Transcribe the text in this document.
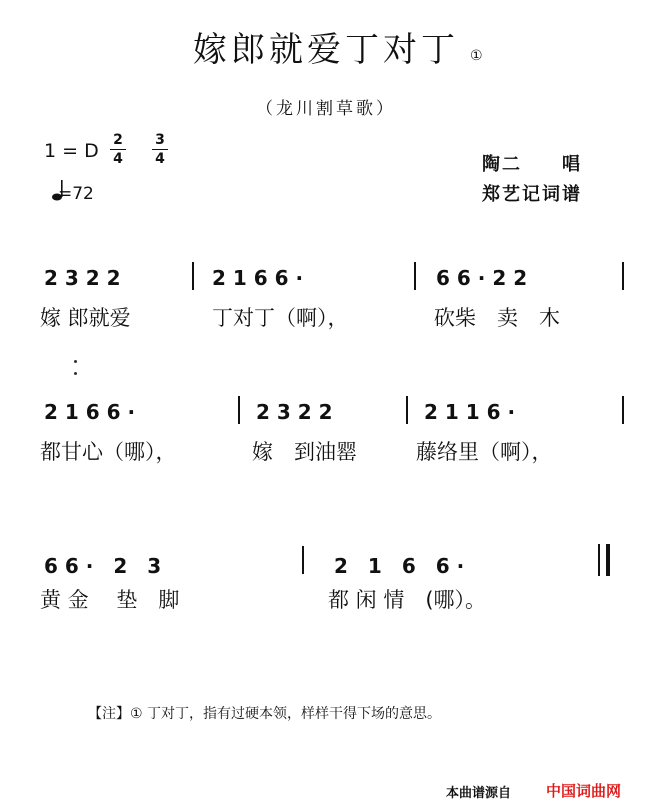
嫁郎就爱丁对丁 ①
（龙川割草歌）
1 = D 2
4
3
4
=72
陶二　　唱
郑艺记词谱
2 3 2 2	2 1 6 6 ·	6 6 · 2 2
嫁 郎就爱	丁对丁（啊），	砍柴　卖　木
2 1 6 6 ·	2 3 2 2	2 1 1 6 ·
都甘心（哪），	嫁　到油罂	藤络里（啊），
6 6 ·　2　3	2　1　6　6 ·
黄 金　 垫　脚	都 闲 情　(哪）。
【注】① 丁对丁，指有过硬本领，样样干得下场的意思。
本曲谱源自 中国词曲网
